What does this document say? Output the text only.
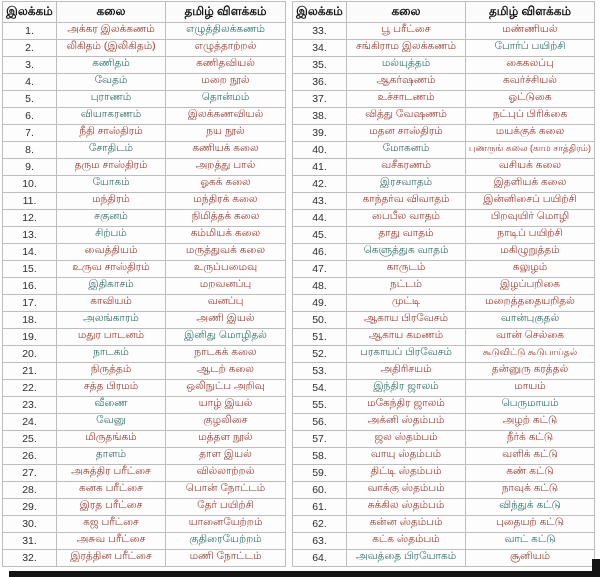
இலக்கம்	கலை	தமிழ் விளக்கம்
1.	அக்கர இலக்கணம்	எழுத்திலக்கணம்
2.	லிகிதம் (இலிகிதம்)	எழுத்தாற்றல்
3.	கணிதம்	கணிதவியல்
4.	வேதம்	மறை நூல்
5.	புராணம்	தொன்மம்
6.	வியாகரணம்	இலக்கணவியல்
7.	நீதி சாஸ்திரம்	நய நூல்
8.	சோதிடம்	கணியக் கலை
9.	தரும சாஸ்திரம்	அறத்து பால்
10.	யோகம்	ஓகக் கலை
11.	மந்திரம்	மந்திரக் கலை
12.	சகுனம்	நிமித்தக் கலை
13.	சிற்பம்	கம்மியக் கலை
14.	வைத்தியம்	மருத்துவக் கலை
15.	உருவ சாஸ்திரம்	உருப்பமைவு
16.	இதிகாசம்	மறவனப்பு
17.	காவியம்	வனப்பு
18.	அலங்காரம்	அணி இயல்
19.	மதுர பாடனம்	இனிது மொழிதல்
20.	நாடகம்	நாடகக் கலை
21.	நிருத்தம்	ஆடற் கலை
22.	சத்த பிரமம்	ஒலிநுட்ப அறிவு
23.	வீணை	யாழ் இயல்
24.	வேனு	குழலிசை
25.	மிருதங்கம்	மத்தள நூல்
26.	தாளம்	தாள இயல்
27.	அசுத்திர பரீட்சை	வில்லாற்றல்
28.	கனக பரீட்சை	பொன் நோட்டம்
29.	இரத பரீட்சை	தேர் பயிற்சி
30.	கஜ பரீட்சை	யானையேற்றம்
31.	அசுவ பரீட்சை	குதிரையேற்றம்
32.	இரத்தின பரீட்சை	மணி நோட்டம்
இலக்கம்	கலை	தமிழ் விளக்கம்
33.	பூ பரீட்சை	மண்ணியல்
34.	சங்கிராம இலக்கணம்	போர்ப் பயிற்சி
35.	மல்யுத்தம்	கைகலப்பு
36.	ஆகர்ஷணம்	கவர்ச்சியல்
37.	உச்சாடணம்	ஓட்டுகை
38.	வித்து வேஷணம்	நட்புப் பிரிக்கை
39.	மதன சாஸ்திரம்	மயக்குக் கலை
40.	மோகனம்	புணருங் கலை (காம சாத்திரம்)
41.	வசீகரணம்	வசியக் கலை
42.	இரசவாதம்	இதளியக் கலை
43.	காந்தர்வ விவாதம்	இன்னிசைப் பயிற்சி
44.	பைபீல வாதம்	பிறவுயிர் மொழி
45.	தாது வாதம்	நாடிப் பயிற்சி
46.	கெளுத்துக வாதம்	மகிழுறுத்தம்
47.	காருடம்	கலுழம்
48.	நட்டம்	இழப்பறிகை
49.	முட்டி	மறைத்ததையறிதல்
50.	ஆகாய பிரவேசம்	வான்புகுதல்
51.	ஆகாய கமணம்	வான் செல்கை
52.	பரகாயப் பிரவேசம்	கூடுவிட்டு கூடுபாய்தல்
53.	அதிரிசயம்	தன்னுரு கரத்தல்
54.	இந்திர ஜாலம்	மாயம்
55.	மகேந்திர ஜாலம்	பெருமாயம்
56.	அக்னி ஸ்தம்பம்	அழற் கட்டு
57.	ஜல ஸ்தம்பம்	நீர்க் கட்டு
58.	வாயு ஸ்தம்பம்	வளிக் கட்டு
59.	திட்டி ஸ்தம்பம்	கண் கட்டு
60.	வாக்கு ஸ்தம்பம்	நாவுக் கட்டு
61.	சுக்கில ஸ்தம்பம்	விந்துக் கட்டு
62.	கன்ன ஸ்தம்பம்	புதையற் கட்டு
63.	கட்க ஸ்தம்பம்	வாட் கட்டு
64.	அவத்தை பிரயோகம்	சூனியம்
